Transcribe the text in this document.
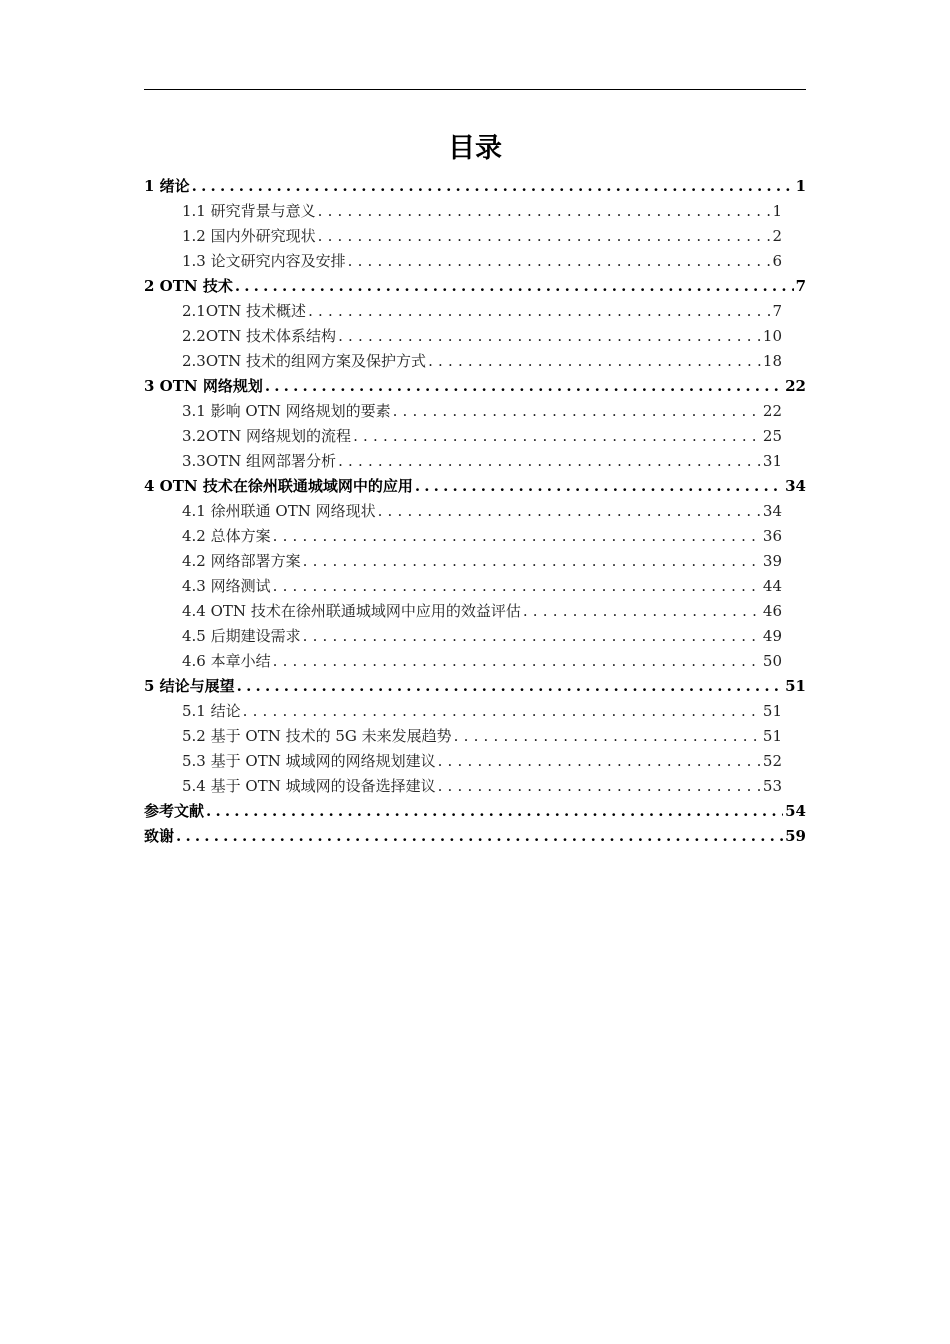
目录
1 绪论 .....	1
1.1 研究背景与意义 .....	1
1.2 国内外研究现状 .....	2
1.3 论文研究内容及安排 .....	6
2 OTN 技术 .....	7
2.1OTN 技术概述 .....	7
2.2OTN 技术体系结构 .....	10
2.3OTN 技术的组网方案及保护方式 .....	18
3 OTN 网络规划 .....	22
3.1 影响 OTN 网络规划的要素 .....	22
3.2OTN 网络规划的流程 .....	25
3.3OTN 组网部署分析 .....	31
4 OTN 技术在徐州联通城域网中的应用 .....	34
4.1 徐州联通 OTN 网络现状 .....	34
4.2 总体方案 .....	36
4.2 网络部署方案 .....	39
4.3 网络测试 .....	44
4.4 OTN 技术在徐州联通城域网中应用的效益评估 .....	46
4.5 后期建设需求 .....	49
4.6 本章小结 .....	50
5 结论与展望 .....	51
5.1 结论 .....	51
5.2 基于 OTN 技术的 5G 未来发展趋势 .....	51
5.3 基于 OTN 城域网的网络规划建议 .....	52
5.4 基于 OTN 城域网的设备选择建议 .....	53
参考文献 .....	54
致谢 .....	59
